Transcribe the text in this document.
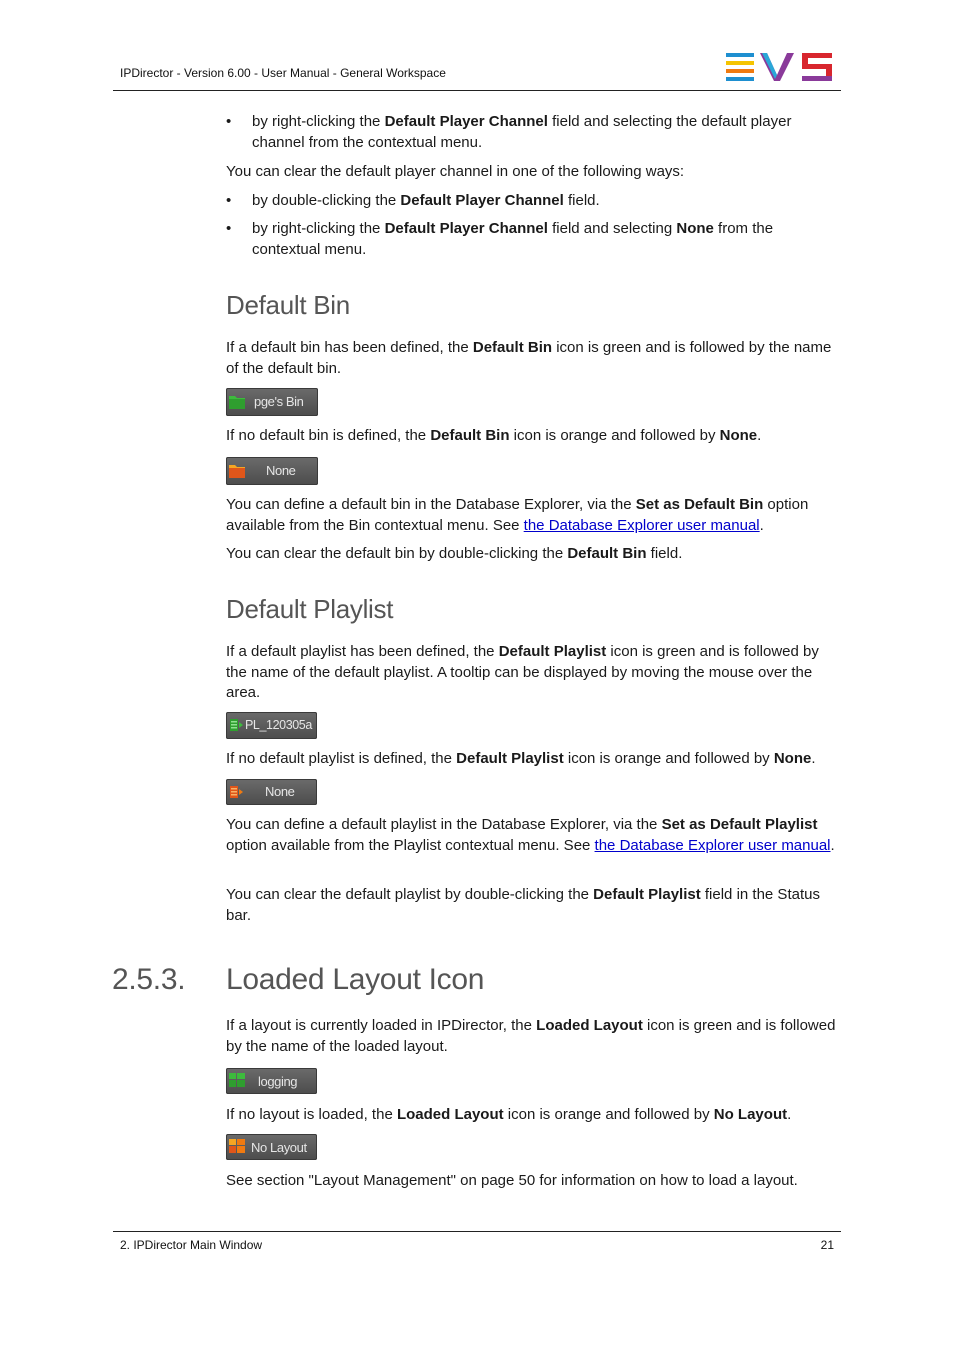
IPDirector - Version 6.00 - User Manual - General Workspace
• by right-clicking the Default Player Channel field and selecting the default player channel from the contextual menu.

You can clear the default player channel in one of the following ways:

• by double-clicking the Default Player Channel field.

• by right-clicking the Default Player Channel field and selecting None from the contextual menu.

Default Bin

If a default bin has been defined, the Default Bin icon is green and is followed by the name of the default bin.

pge's Bin

If no default bin is defined, the Default Bin icon is orange and followed by None.

None

You can define a default bin in the Database Explorer, via the Set as Default Bin option available from the Bin contextual menu. See the Database Explorer user manual.

You can clear the default bin by double-clicking the Default Bin field.

Default Playlist

If a default playlist has been defined, the Default Playlist icon is green and is followed by the name of the default playlist. A tooltip can be displayed by moving the mouse over the area.

PL_120305a

If no default playlist is defined, the Default Playlist icon is orange and followed by None.

None

You can define a default playlist in the Database Explorer, via the Set as Default Playlist option available from the Playlist contextual menu. See the Database Explorer user manual.

You can clear the default playlist by double-clicking the Default Playlist field in the Status bar.

2.5.3. Loaded Layout Icon

If a layout is currently loaded in IPDirector, the Loaded Layout icon is green and is followed by the name of the loaded layout.

logging

If no layout is loaded, the Loaded Layout icon is orange and followed by No Layout.

No Layout

See section "Layout Management" on page 50 for information on how to load a layout.

2. IPDirector Main Window	21
